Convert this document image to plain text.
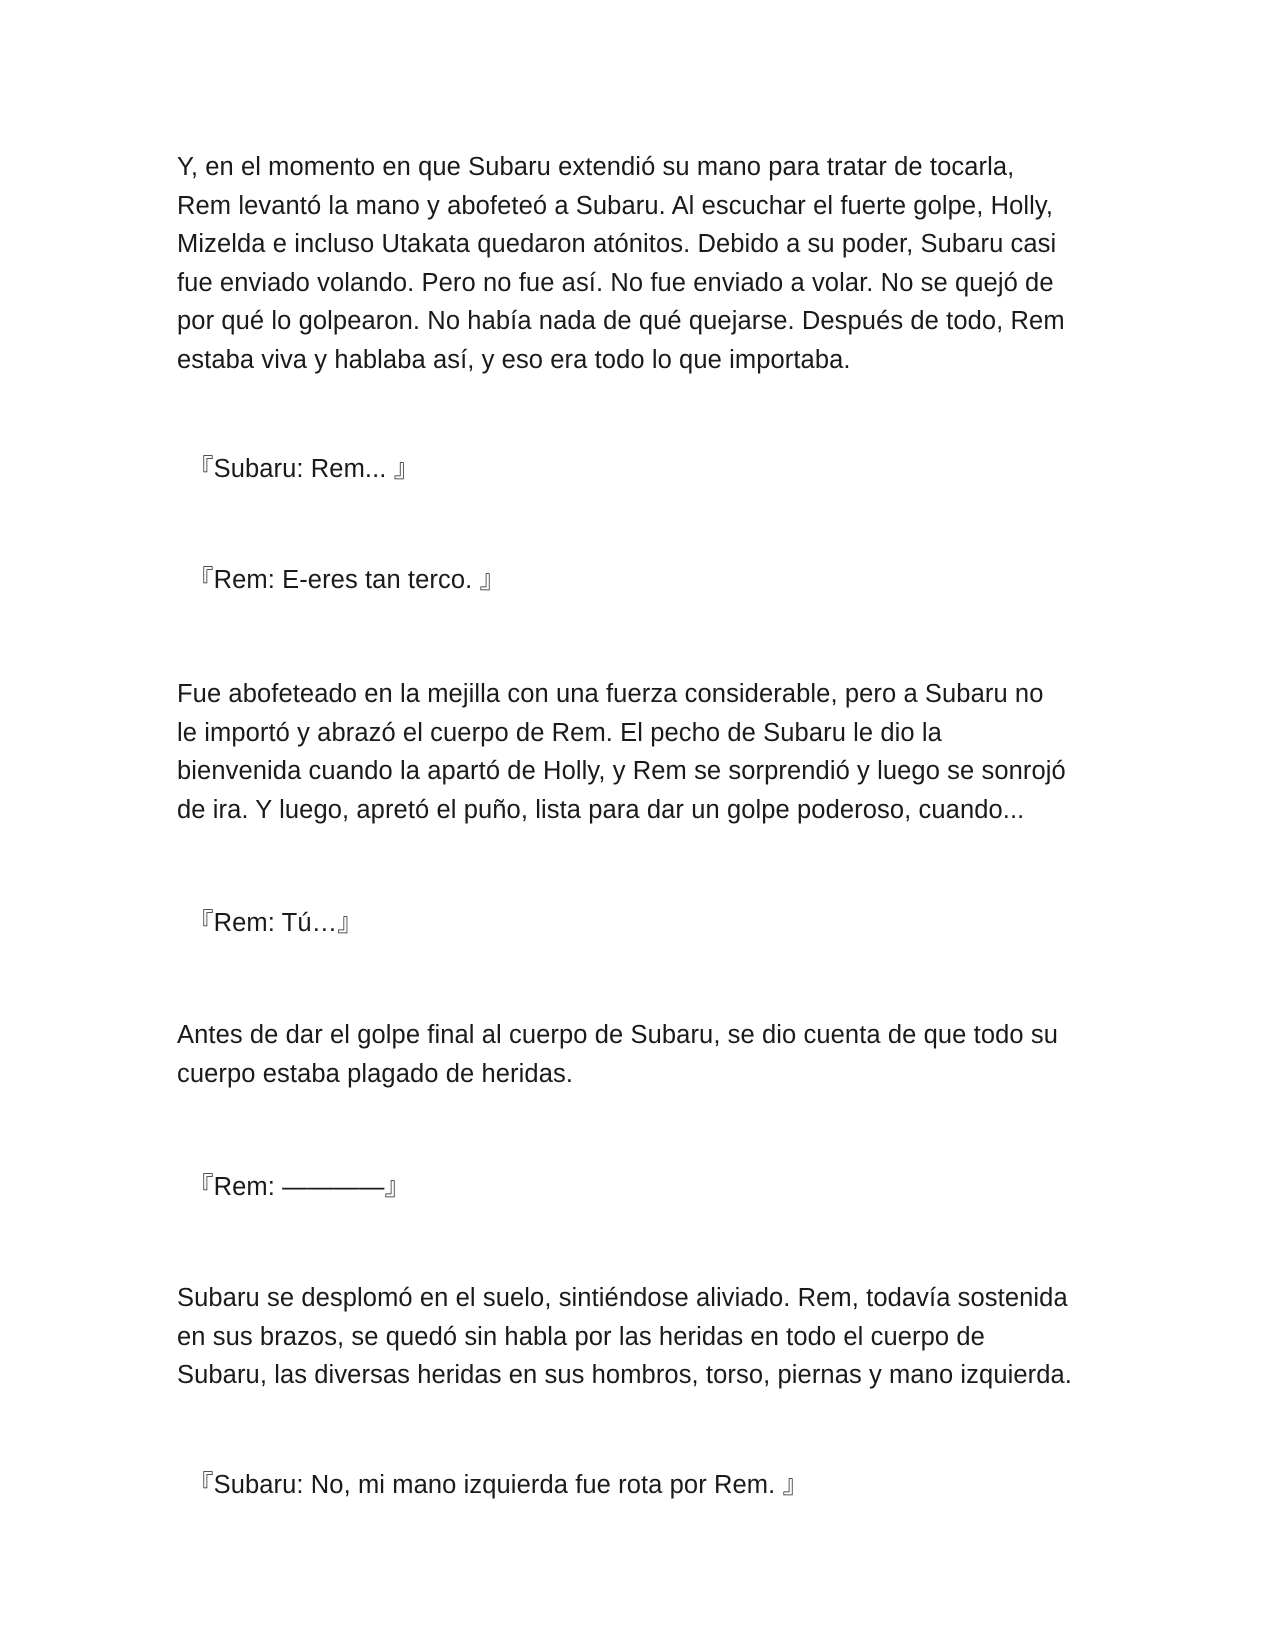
Y, en el momento en que Subaru extendió su mano para tratar de tocarla,
Rem levantó la mano y abofeteó a Subaru. Al escuchar el fuerte golpe, Holly,
Mizelda e incluso Utakata quedaron atónitos. Debido a su poder, Subaru casi
fue enviado volando. Pero no fue así. No fue enviado a volar. No se quejó de
por qué lo golpearon. No había nada de qué quejarse. Después de todo, Rem
estaba viva y hablaba así, y eso era todo lo que importaba.

『Subaru: Rem... 』

『Rem: E-eres tan terco. 』

Fue abofeteado en la mejilla con una fuerza considerable, pero a Subaru no
le importó y abrazó el cuerpo de Rem. El pecho de Subaru le dio la
bienvenida cuando la apartó de Holly, y Rem se sorprendió y luego se sonrojó
de ira. Y luego, apretó el puño, lista para dar un golpe poderoso, cuando...

『Rem: Tú…』

Antes de dar el golpe final al cuerpo de Subaru, se dio cuenta de que todo su
cuerpo estaba plagado de heridas.

『Rem: ————』

Subaru se desplomó en el suelo, sintiéndose aliviado. Rem, todavía sostenida
en sus brazos, se quedó sin habla por las heridas en todo el cuerpo de
Subaru, las diversas heridas en sus hombros, torso, piernas y mano izquierda.

『Subaru: No, mi mano izquierda fue rota por Rem. 』
